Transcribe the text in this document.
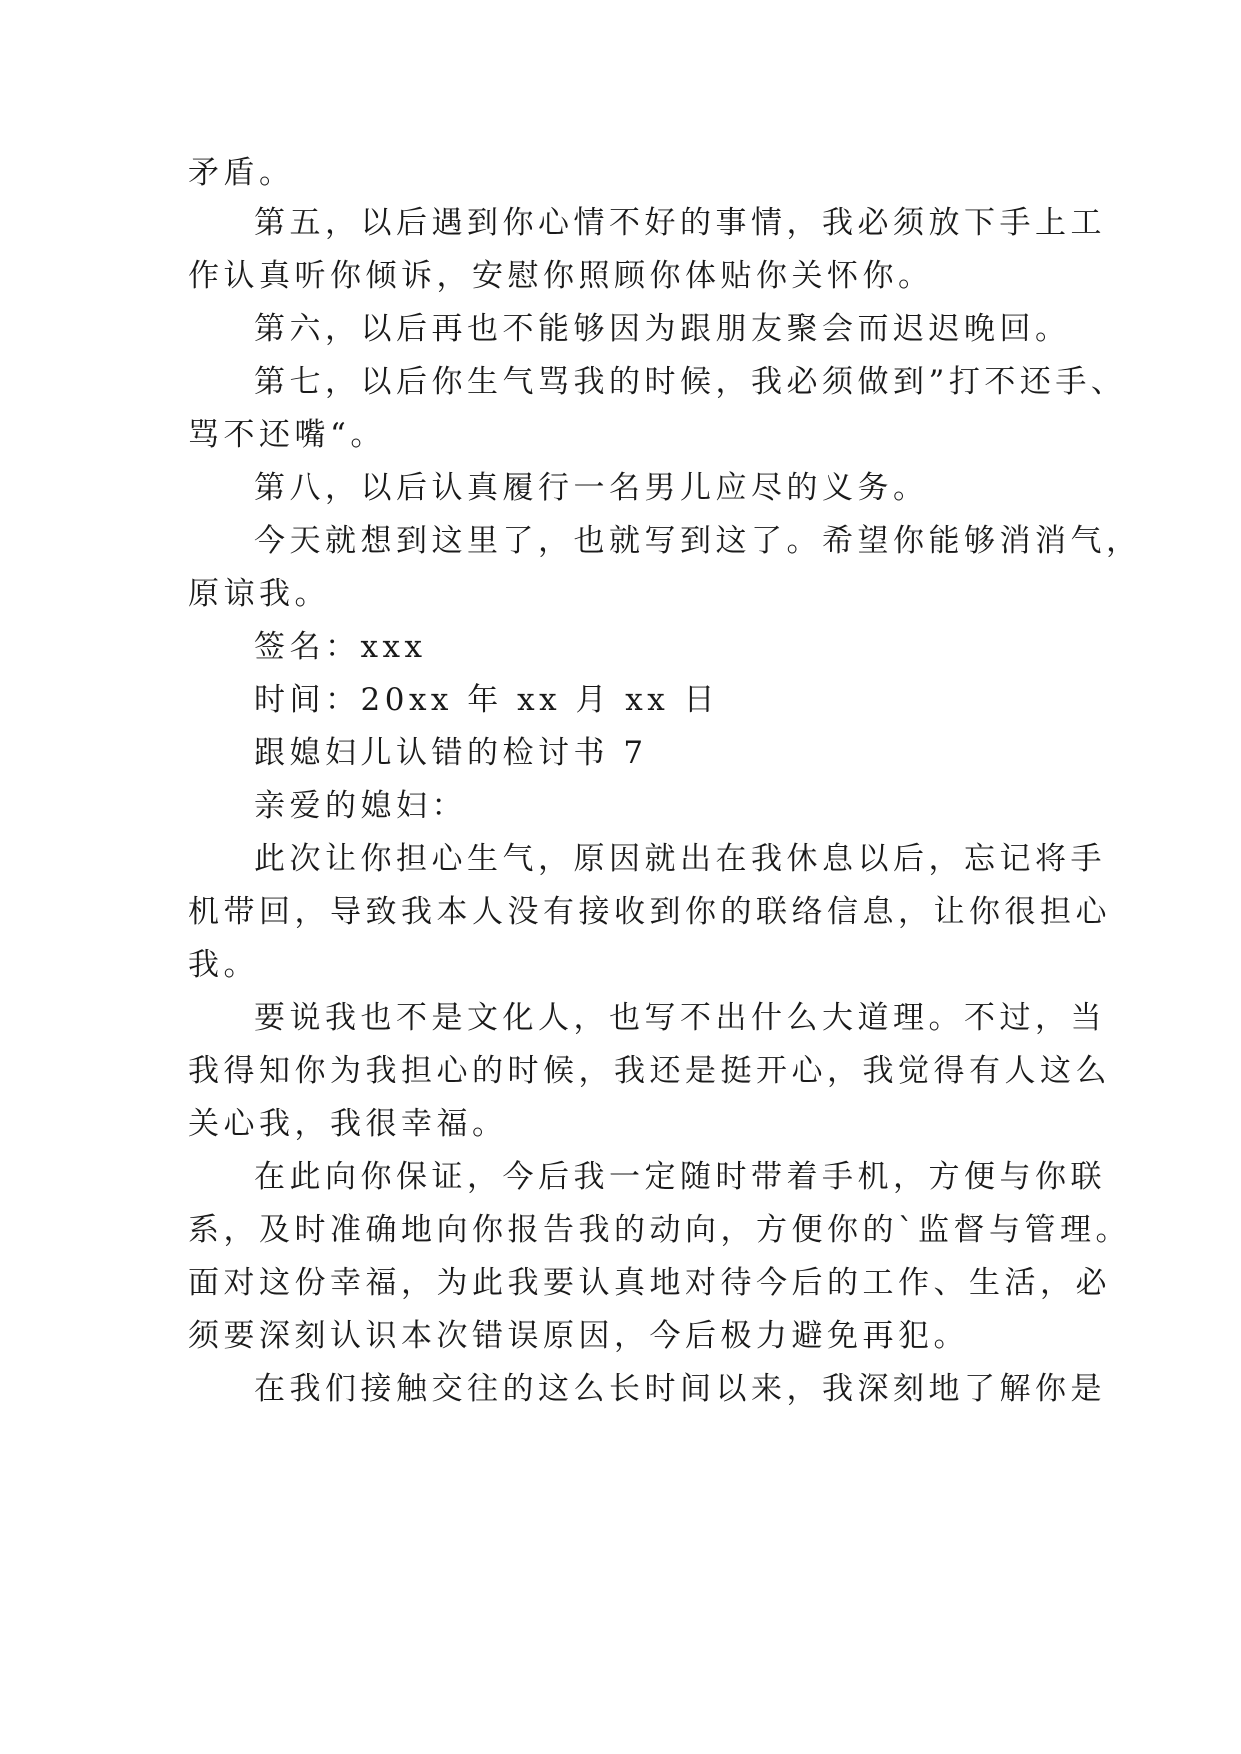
矛盾。
第五，以后遇到你心情不好的事情，我必须放下手上工
作认真听你倾诉，安慰你照顾你体贴你关怀你。
第六，以后再也不能够因为跟朋友聚会而迟迟晚回。
第七，以后你生气骂我的时候，我必须做到”打不还手、
骂不还嘴“。
第八，以后认真履行一名男儿应尽的义务。
今天就想到这里了，也就写到这了。希望你能够消消气，
原谅我。
签名：xxx
时间：20xx 年 xx 月 xx 日
跟媳妇儿认错的检讨书 7
亲爱的媳妇：
此次让你担心生气，原因就出在我休息以后，忘记将手
机带回，导致我本人没有接收到你的联络信息，让你很担心
我。
要说我也不是文化人，也写不出什么大道理。不过，当
我得知你为我担心的时候，我还是挺开心，我觉得有人这么
关心我，我很幸福。
在此向你保证，今后我一定随时带着手机，方便与你联
系，及时准确地向你报告我的动向，方便你的`监督与管理。
面对这份幸福，为此我要认真地对待今后的工作、生活，必
须要深刻认识本次错误原因，今后极力避免再犯。
在我们接触交往的这么长时间以来，我深刻地了解你是
